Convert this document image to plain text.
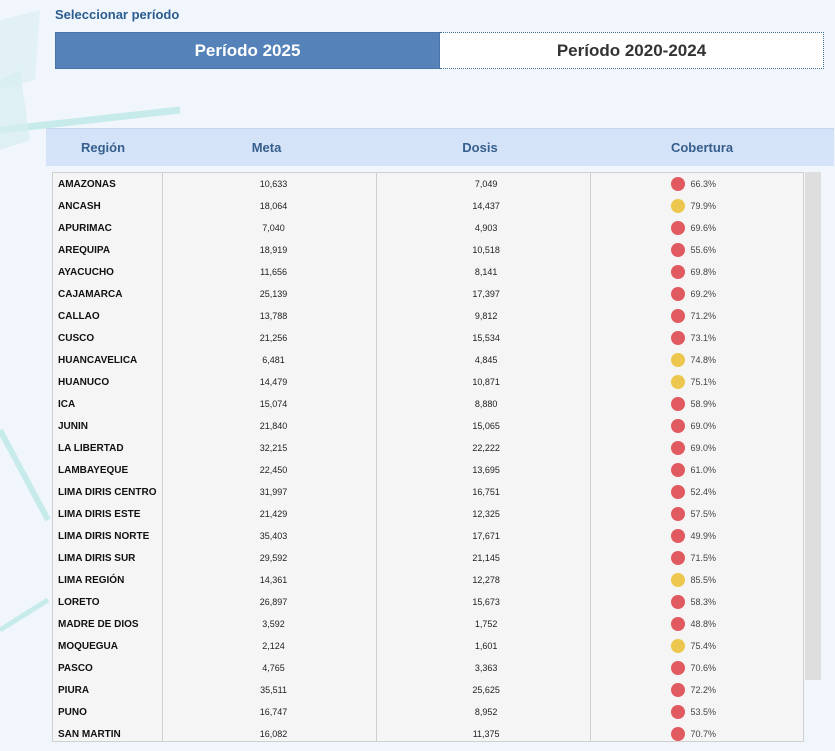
Seleccionar período
Período 2025	Período 2020-2024
Región	Meta	Dosis	Cobertura
AMAZONAS	10,633	7,049	66.3%
ANCASH	18,064	14,437	79.9%
APURIMAC	7,040	4,903	69.6%
AREQUIPA	18,919	10,518	55.6%
AYACUCHO	11,656	8,141	69.8%
CAJAMARCA	25,139	17,397	69.2%
CALLAO	13,788	9,812	71.2%
CUSCO	21,256	15,534	73.1%
HUANCAVELICA	6,481	4,845	74.8%
HUANUCO	14,479	10,871	75.1%
ICA	15,074	8,880	58.9%
JUNIN	21,840	15,065	69.0%
LA LIBERTAD	32,215	22,222	69.0%
LAMBAYEQUE	22,450	13,695	61.0%
LIMA DIRIS CENTRO	31,997	16,751	52.4%
LIMA DIRIS ESTE	21,429	12,325	57.5%
LIMA DIRIS NORTE	35,403	17,671	49.9%
LIMA DIRIS SUR	29,592	21,145	71.5%
LIMA REGIÓN	14,361	12,278	85.5%
LORETO	26,897	15,673	58.3%
MADRE DE DIOS	3,592	1,752	48.8%
MOQUEGUA	2,124	1,601	75.4%
PASCO	4,765	3,363	70.6%
PIURA	35,511	25,625	72.2%
PUNO	16,747	8,952	53.5%
SAN MARTIN	16,082	11,375	70.7%
